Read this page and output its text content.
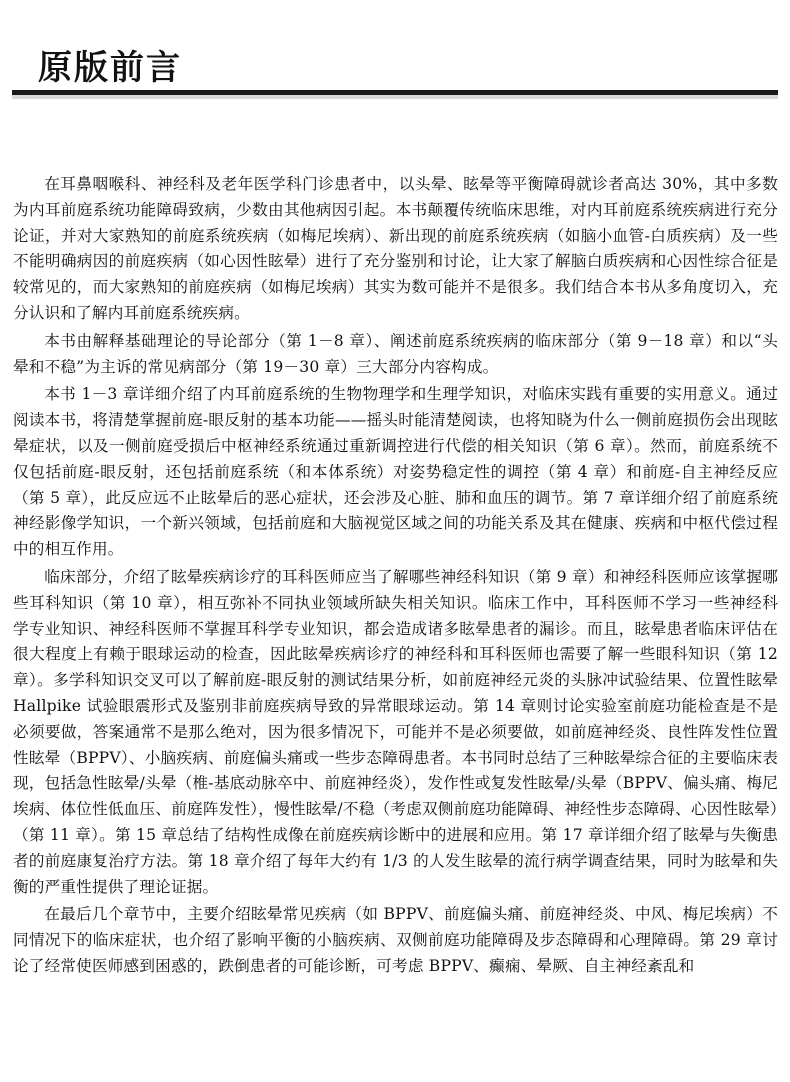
原版前言

在耳鼻咽喉科、神经科及老年医学科门诊患者中，以头晕、眩晕等平衡障碍就诊者高达 30%，其中多数为内耳前庭系统功能障碍致病，少数由其他病因引起。本书颠覆传统临床思维，对内耳前庭系统疾病进行充分论证，并对大家熟知的前庭系统疾病（如梅尼埃病）、新出现的前庭系统疾病（如脑小血管-白质疾病）及一些不能明确病因的前庭疾病（如心因性眩晕）进行了充分鉴别和讨论，让大家了解脑白质疾病和心因性综合征是较常见的，而大家熟知的前庭疾病（如梅尼埃病）其实为数可能并不是很多。我们结合本书从多角度切入，充分认识和了解内耳前庭系统疾病。

本书由解释基础理论的导论部分（第 1－8 章）、阐述前庭系统疾病的临床部分（第 9－18 章）和以“头晕和不稳”为主诉的常见病部分（第 19－30 章）三大部分内容构成。

本书 1－3 章详细介绍了内耳前庭系统的生物物理学和生理学知识，对临床实践有重要的实用意义。通过阅读本书，将清楚掌握前庭-眼反射的基本功能——摇头时能清楚阅读，也将知晓为什么一侧前庭损伤会出现眩晕症状，以及一侧前庭受损后中枢神经系统通过重新调控进行代偿的相关知识（第 6 章）。然而，前庭系统不仅包括前庭-眼反射，还包括前庭系统（和本体系统）对姿势稳定性的调控（第 4 章）和前庭-自主神经反应（第 5 章），此反应远不止眩晕后的恶心症状，还会涉及心脏、肺和血压的调节。第 7 章详细介绍了前庭系统神经影像学知识，一个新兴领域，包括前庭和大脑视觉区域之间的功能关系及其在健康、疾病和中枢代偿过程中的相互作用。

临床部分，介绍了眩晕疾病诊疗的耳科医师应当了解哪些神经科知识（第 9 章）和神经科医师应该掌握哪些耳科知识（第 10 章），相互弥补不同执业领域所缺失相关知识。临床工作中，耳科医师不学习一些神经科学专业知识、神经科医师不掌握耳科学专业知识，都会造成诸多眩晕患者的漏诊。而且，眩晕患者临床评估在很大程度上有赖于眼球运动的检查，因此眩晕疾病诊疗的神经科和耳科医师也需要了解一些眼科知识（第 12 章）。多学科知识交叉可以了解前庭-眼反射的测试结果分析，如前庭神经元炎的头脉冲试验结果、位置性眩晕 Hallpike 试验眼震形式及鉴别非前庭疾病导致的异常眼球运动。第 14 章则讨论实验室前庭功能检查是不是必须要做，答案通常不是那么绝对，因为很多情况下，可能并不是必须要做，如前庭神经炎、良性阵发性位置性眩晕（BPPV）、小脑疾病、前庭偏头痛或一些步态障碍患者。本书同时总结了三种眩晕综合征的主要临床表现，包括急性眩晕/头晕（椎-基底动脉卒中、前庭神经炎），发作性或复发性眩晕/头晕（BPPV、偏头痛、梅尼埃病、体位性低血压、前庭阵发性），慢性眩晕/不稳（考虑双侧前庭功能障碍、神经性步态障碍、心因性眩晕）（第 11 章）。第 15 章总结了结构性成像在前庭疾病诊断中的进展和应用。第 17 章详细介绍了眩晕与失衡患者的前庭康复治疗方法。第 18 章介绍了每年大约有 1/3 的人发生眩晕的流行病学调查结果，同时为眩晕和失衡的严重性提供了理论证据。

在最后几个章节中，主要介绍眩晕常见疾病（如 BPPV、前庭偏头痛、前庭神经炎、中风、梅尼埃病）不同情况下的临床症状，也介绍了影响平衡的小脑疾病、双侧前庭功能障碍及步态障碍和心理障碍。第 29 章讨论了经常使医师感到困惑的，跌倒患者的可能诊断，可考虑 BPPV、癫痫、晕厥、自主神经紊乱和
